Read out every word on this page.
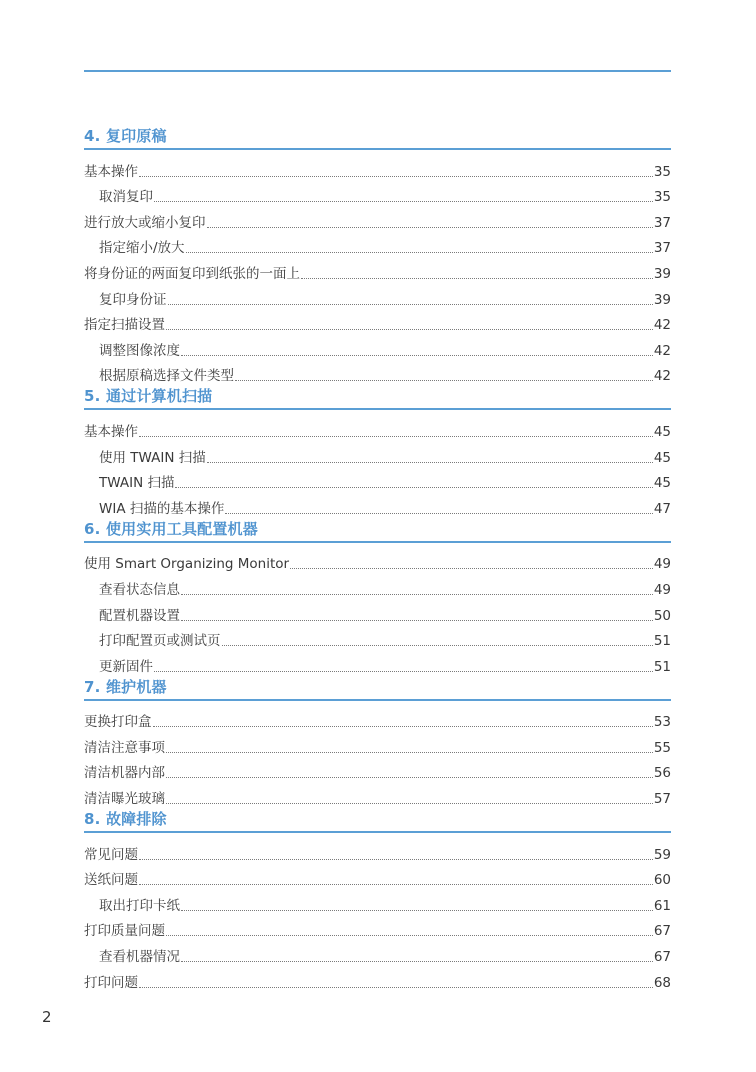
4. 复印原稿
基本操作	35
取消复印	35
进行放大或缩小复印	37
指定缩小/放大	37
将身份证的两面复印到纸张的一面上	39
复印身份证	39
指定扫描设置	42
调整图像浓度	42
根据原稿选择文件类型	42
5. 通过计算机扫描
基本操作	45
使用 TWAIN 扫描	45
TWAIN 扫描	45
WIA 扫描的基本操作	47
6. 使用实用工具配置机器
使用 Smart Organizing Monitor	49
查看状态信息	49
配置机器设置	50
打印配置页或测试页	51
更新固件	51
7. 维护机器
更换打印盒	53
清洁注意事项	55
清洁机器内部	56
清洁曝光玻璃	57
8. 故障排除
常见问题	59
送纸问题	60
取出打印卡纸	61
打印质量问题	67
查看机器情况	67
打印问题	68
2
